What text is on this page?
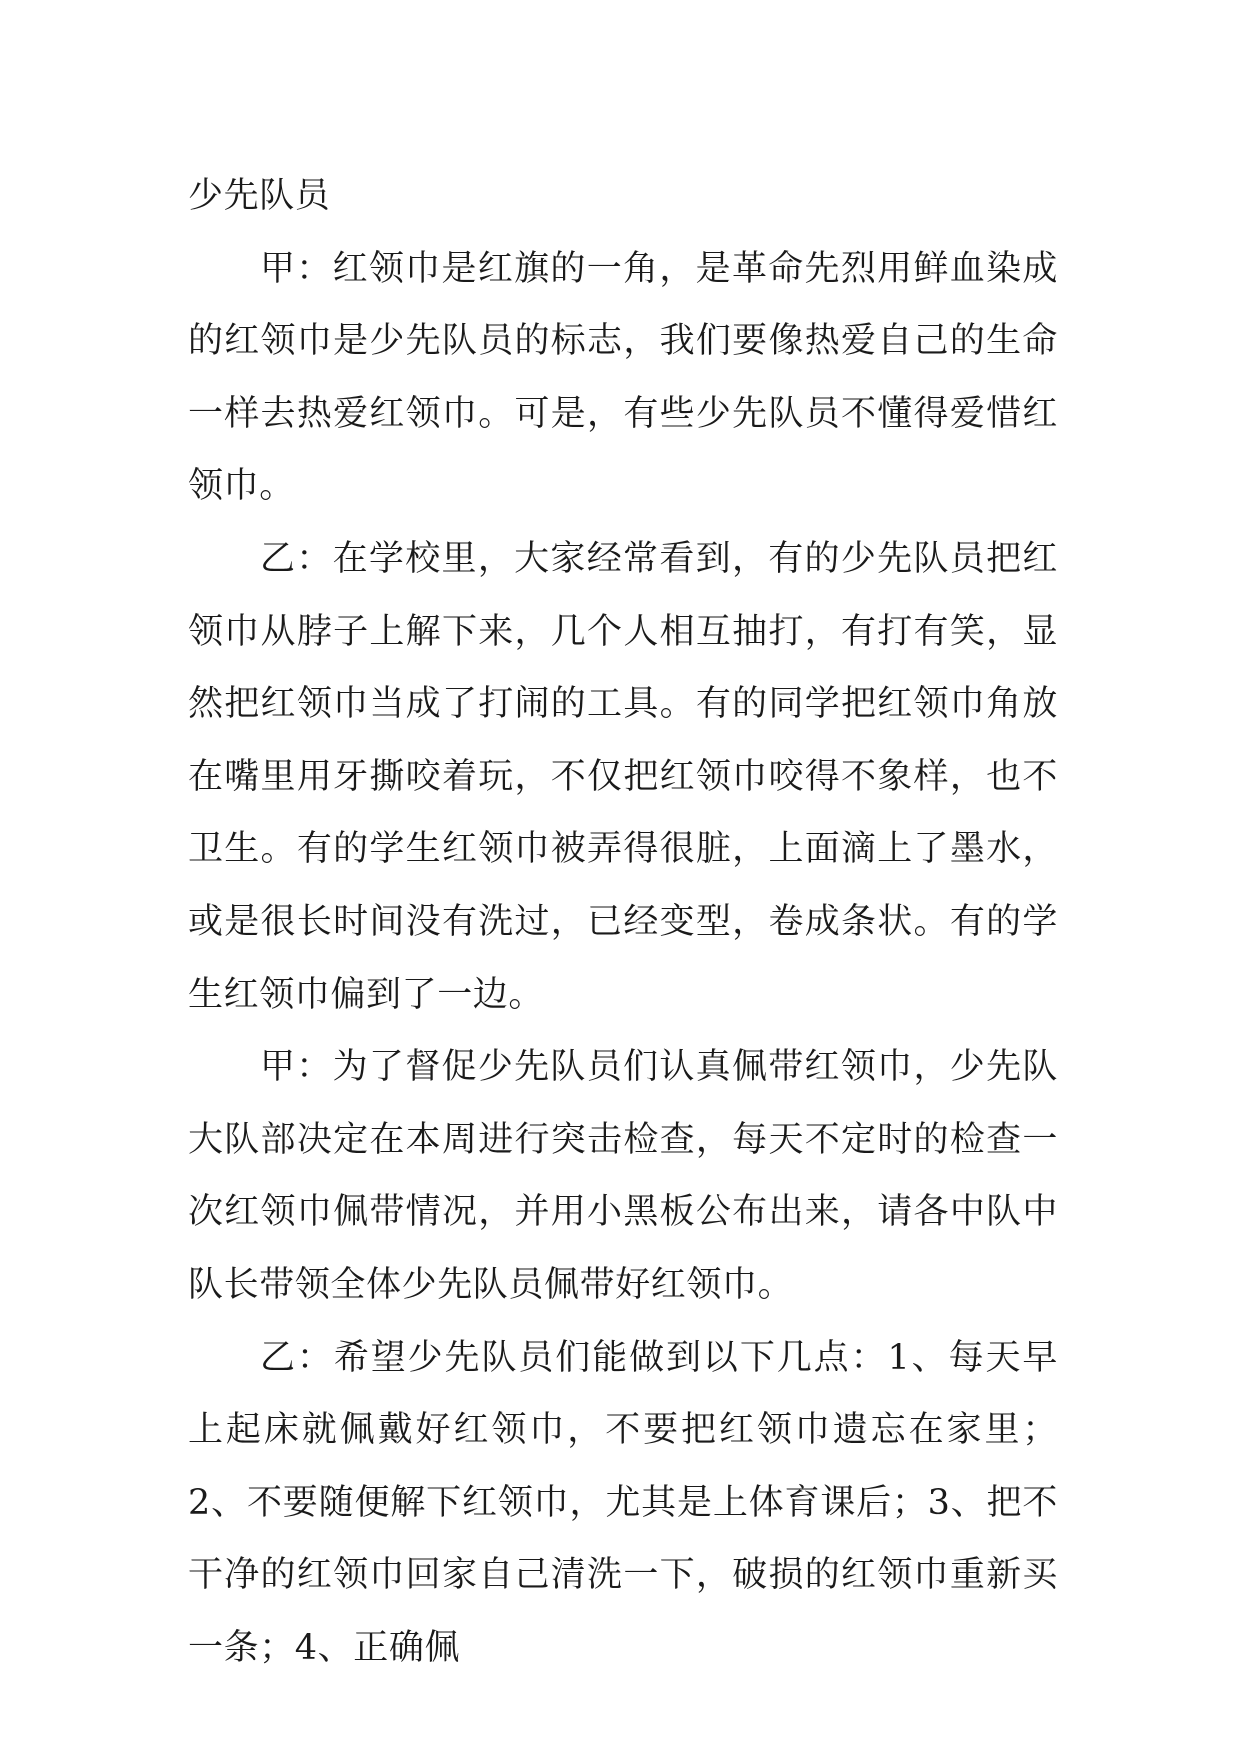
少先队员

甲：红领巾是红旗的一角，是革命先烈用鲜血染成的红领巾是少先队员的标志，我们要像热爱自己的生命一样去热爱红领巾。可是，有些少先队员不懂得爱惜红领巾。

乙：在学校里，大家经常看到，有的少先队员把红领巾从脖子上解下来，几个人相互抽打，有打有笑，显然把红领巾当成了打闹的工具。有的同学把红领巾角放在嘴里用牙撕咬着玩，不仅把红领巾咬得不象样，也不卫生。有的学生红领巾被弄得很脏，上面滴上了墨水，或是很长时间没有洗过，已经变型，卷成条状。有的学生红领巾偏到了一边。

甲：为了督促少先队员们认真佩带红领巾，少先队大队部决定在本周进行突击检查，每天不定时的检查一次红领巾佩带情况，并用小黑板公布出来，请各中队中队长带领全体少先队员佩带好红领巾。

乙：希望少先队员们能做到以下几点：1、每天早上起床就佩戴好红领巾，不要把红领巾遗忘在家里；2、不要随便解下红领巾，尤其是上体育课后；3、把不干净的红领巾回家自己清洗一下，破损的红领巾重新买一条；4、正确佩
